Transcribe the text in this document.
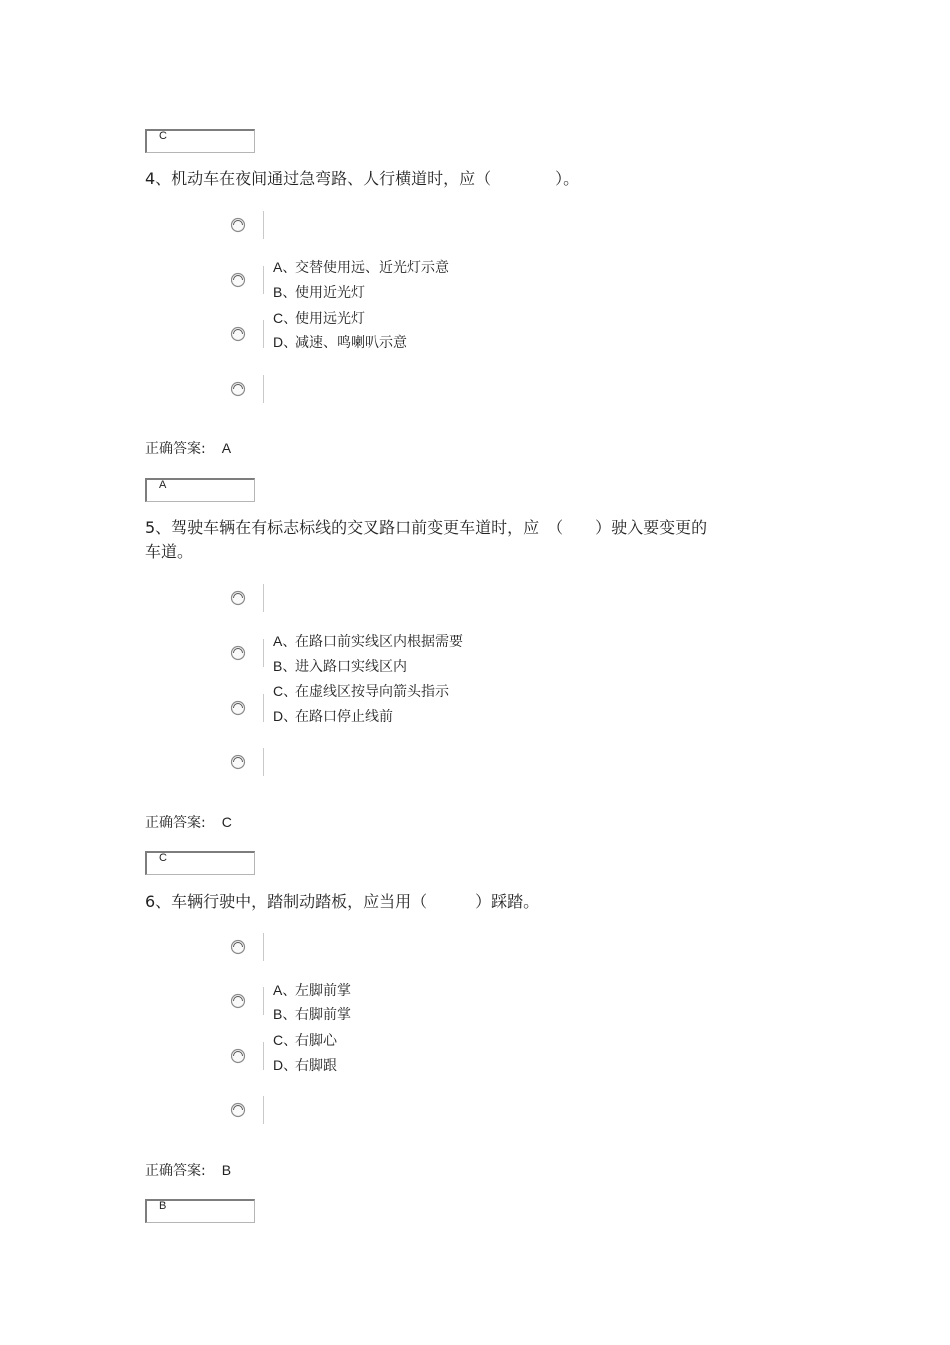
C
4、机动车在夜间通过急弯路、人行横道时，应（　　　　）。
A、交替使用远、近光灯示意
B、使用近光灯
C、使用远光灯
D、减速、鸣喇叭示意
正确答案: A
A
5、驾驶车辆在有标志标线的交叉路口前变更车道时，应　（　　）驶入要变更的
车道。
A、在路口前实线区内根据需要
B、进入路口实线区内
C、在虚线区按导向箭头指示
D、在路口停止线前
正确答案: C
C
6、车辆行驶中，踏制动踏板，应当用（　　　）踩踏。
A、左脚前掌
B、右脚前掌
C、右脚心
D、右脚跟
正确答案: B
B
